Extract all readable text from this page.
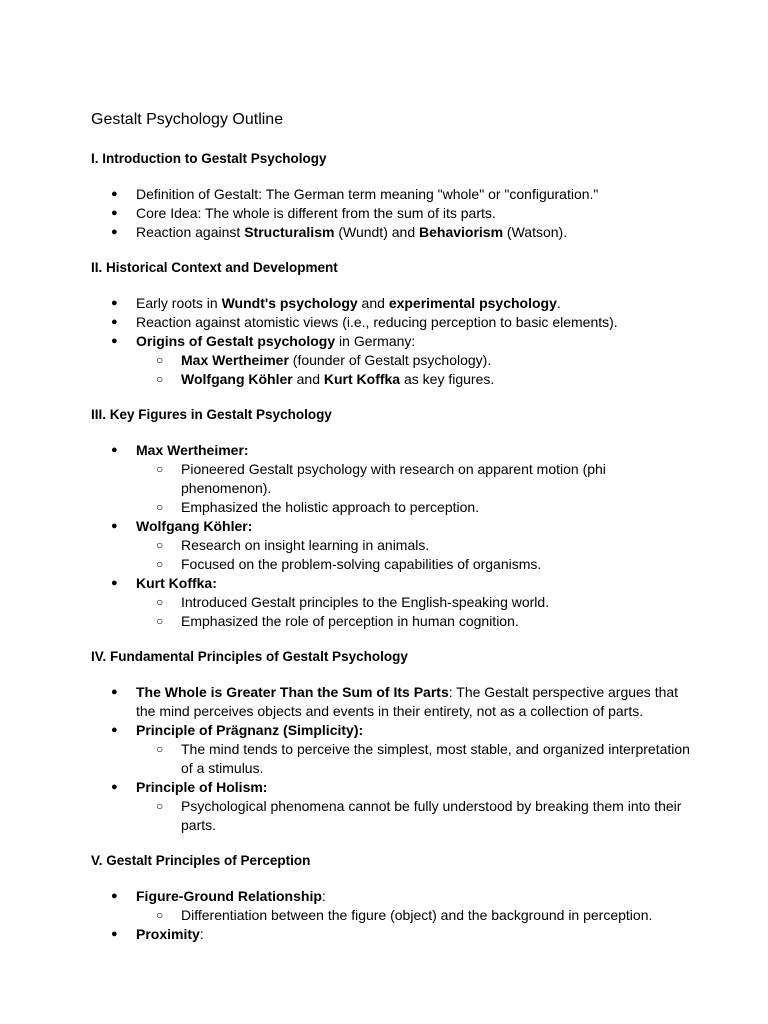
Gestalt Psychology Outline
I. Introduction to Gestalt Psychology
● Definition of Gestalt: The German term meaning "whole" or "configuration."
● Core Idea: The whole is different from the sum of its parts.
● Reaction against Structuralism (Wundt) and Behaviorism (Watson).
II. Historical Context and Development
● Early roots in Wundt's psychology and experimental psychology.
● Reaction against atomistic views (i.e., reducing perception to basic elements).
● Origins of Gestalt psychology in Germany:
○ Max Wertheimer (founder of Gestalt psychology).
○ Wolfgang Köhler and Kurt Koffka as key figures.
III. Key Figures in Gestalt Psychology
● Max Wertheimer:
○ Pioneered Gestalt psychology with research on apparent motion (phi phenomenon).
○ Emphasized the holistic approach to perception.
● Wolfgang Köhler:
○ Research on insight learning in animals.
○ Focused on the problem-solving capabilities of organisms.
● Kurt Koffka:
○ Introduced Gestalt principles to the English-speaking world.
○ Emphasized the role of perception in human cognition.
IV. Fundamental Principles of Gestalt Psychology
● The Whole is Greater Than the Sum of Its Parts: The Gestalt perspective argues that the mind perceives objects and events in their entirety, not as a collection of parts.
● Principle of Prägnanz (Simplicity):
○ The mind tends to perceive the simplest, most stable, and organized interpretation of a stimulus.
● Principle of Holism:
○ Psychological phenomena cannot be fully understood by breaking them into their parts.
V. Gestalt Principles of Perception
● Figure-Ground Relationship:
○ Differentiation between the figure (object) and the background in perception.
● Proximity:
